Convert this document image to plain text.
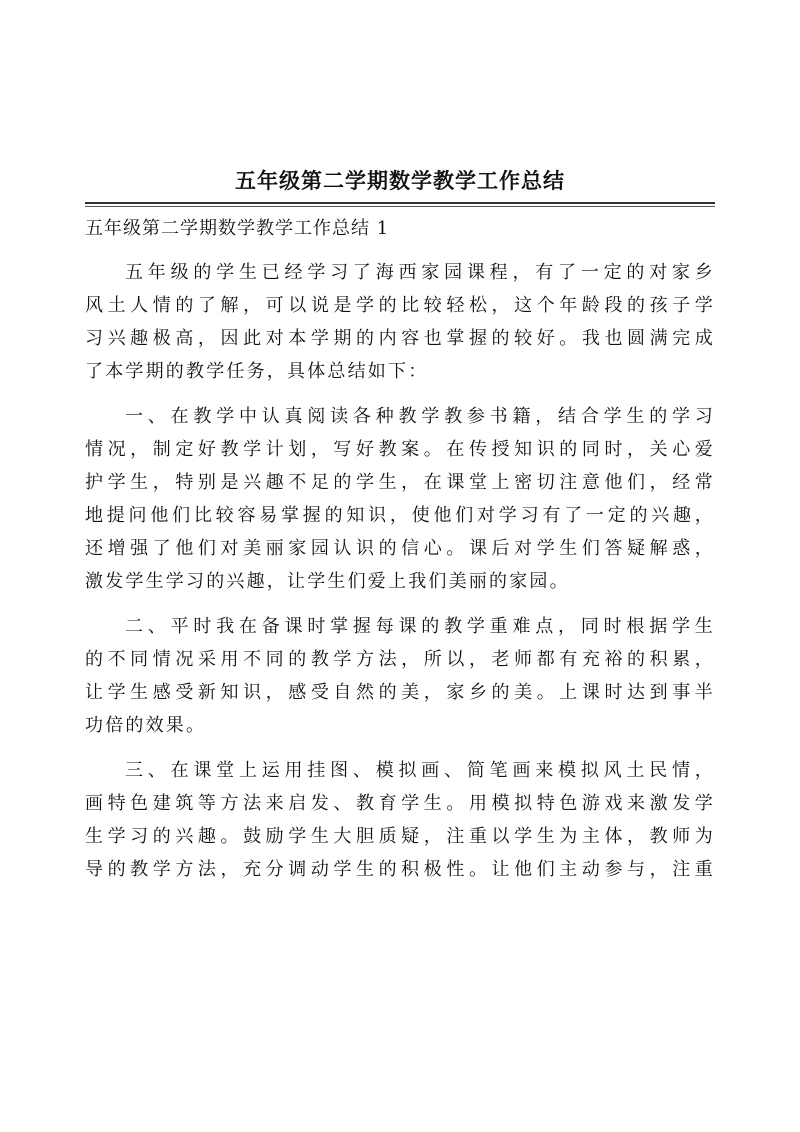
五年级第二学期数学教学工作总结
五年级第二学期数学教学工作总结 1
五年级的学生已经学习了海西家园课程，有了一定的对家乡
风土人情的了解，可以说是学的比较轻松，这个年龄段的孩子学
习兴趣极高，因此对本学期的内容也掌握的较好。我也圆满完成
了本学期的教学任务，具体总结如下：
一、在教学中认真阅读各种教学教参书籍，结合学生的学习
情况，制定好教学计划，写好教案。在传授知识的同时，关心爱
护学生，特别是兴趣不足的学生，在课堂上密切注意他们，经常
地提问他们比较容易掌握的知识，使他们对学习有了一定的兴趣，
还增强了他们对美丽家园认识的信心。课后对学生们答疑解惑，
激发学生学习的兴趣，让学生们爱上我们美丽的家园。
二、平时我在备课时掌握每课的教学重难点，同时根据学生
的不同情况采用不同的教学方法，所以，老师都有充裕的积累，
让学生感受新知识，感受自然的美，家乡的美。上课时达到事半
功倍的效果。
三、在课堂上运用挂图、模拟画、简笔画来模拟风土民情，
画特色建筑等方法来启发、教育学生。用模拟特色游戏来激发学
生学习的兴趣。鼓励学生大胆质疑，注重以学生为主体，教师为
导的教学方法，充分调动学生的积极性。让他们主动参与，注重
